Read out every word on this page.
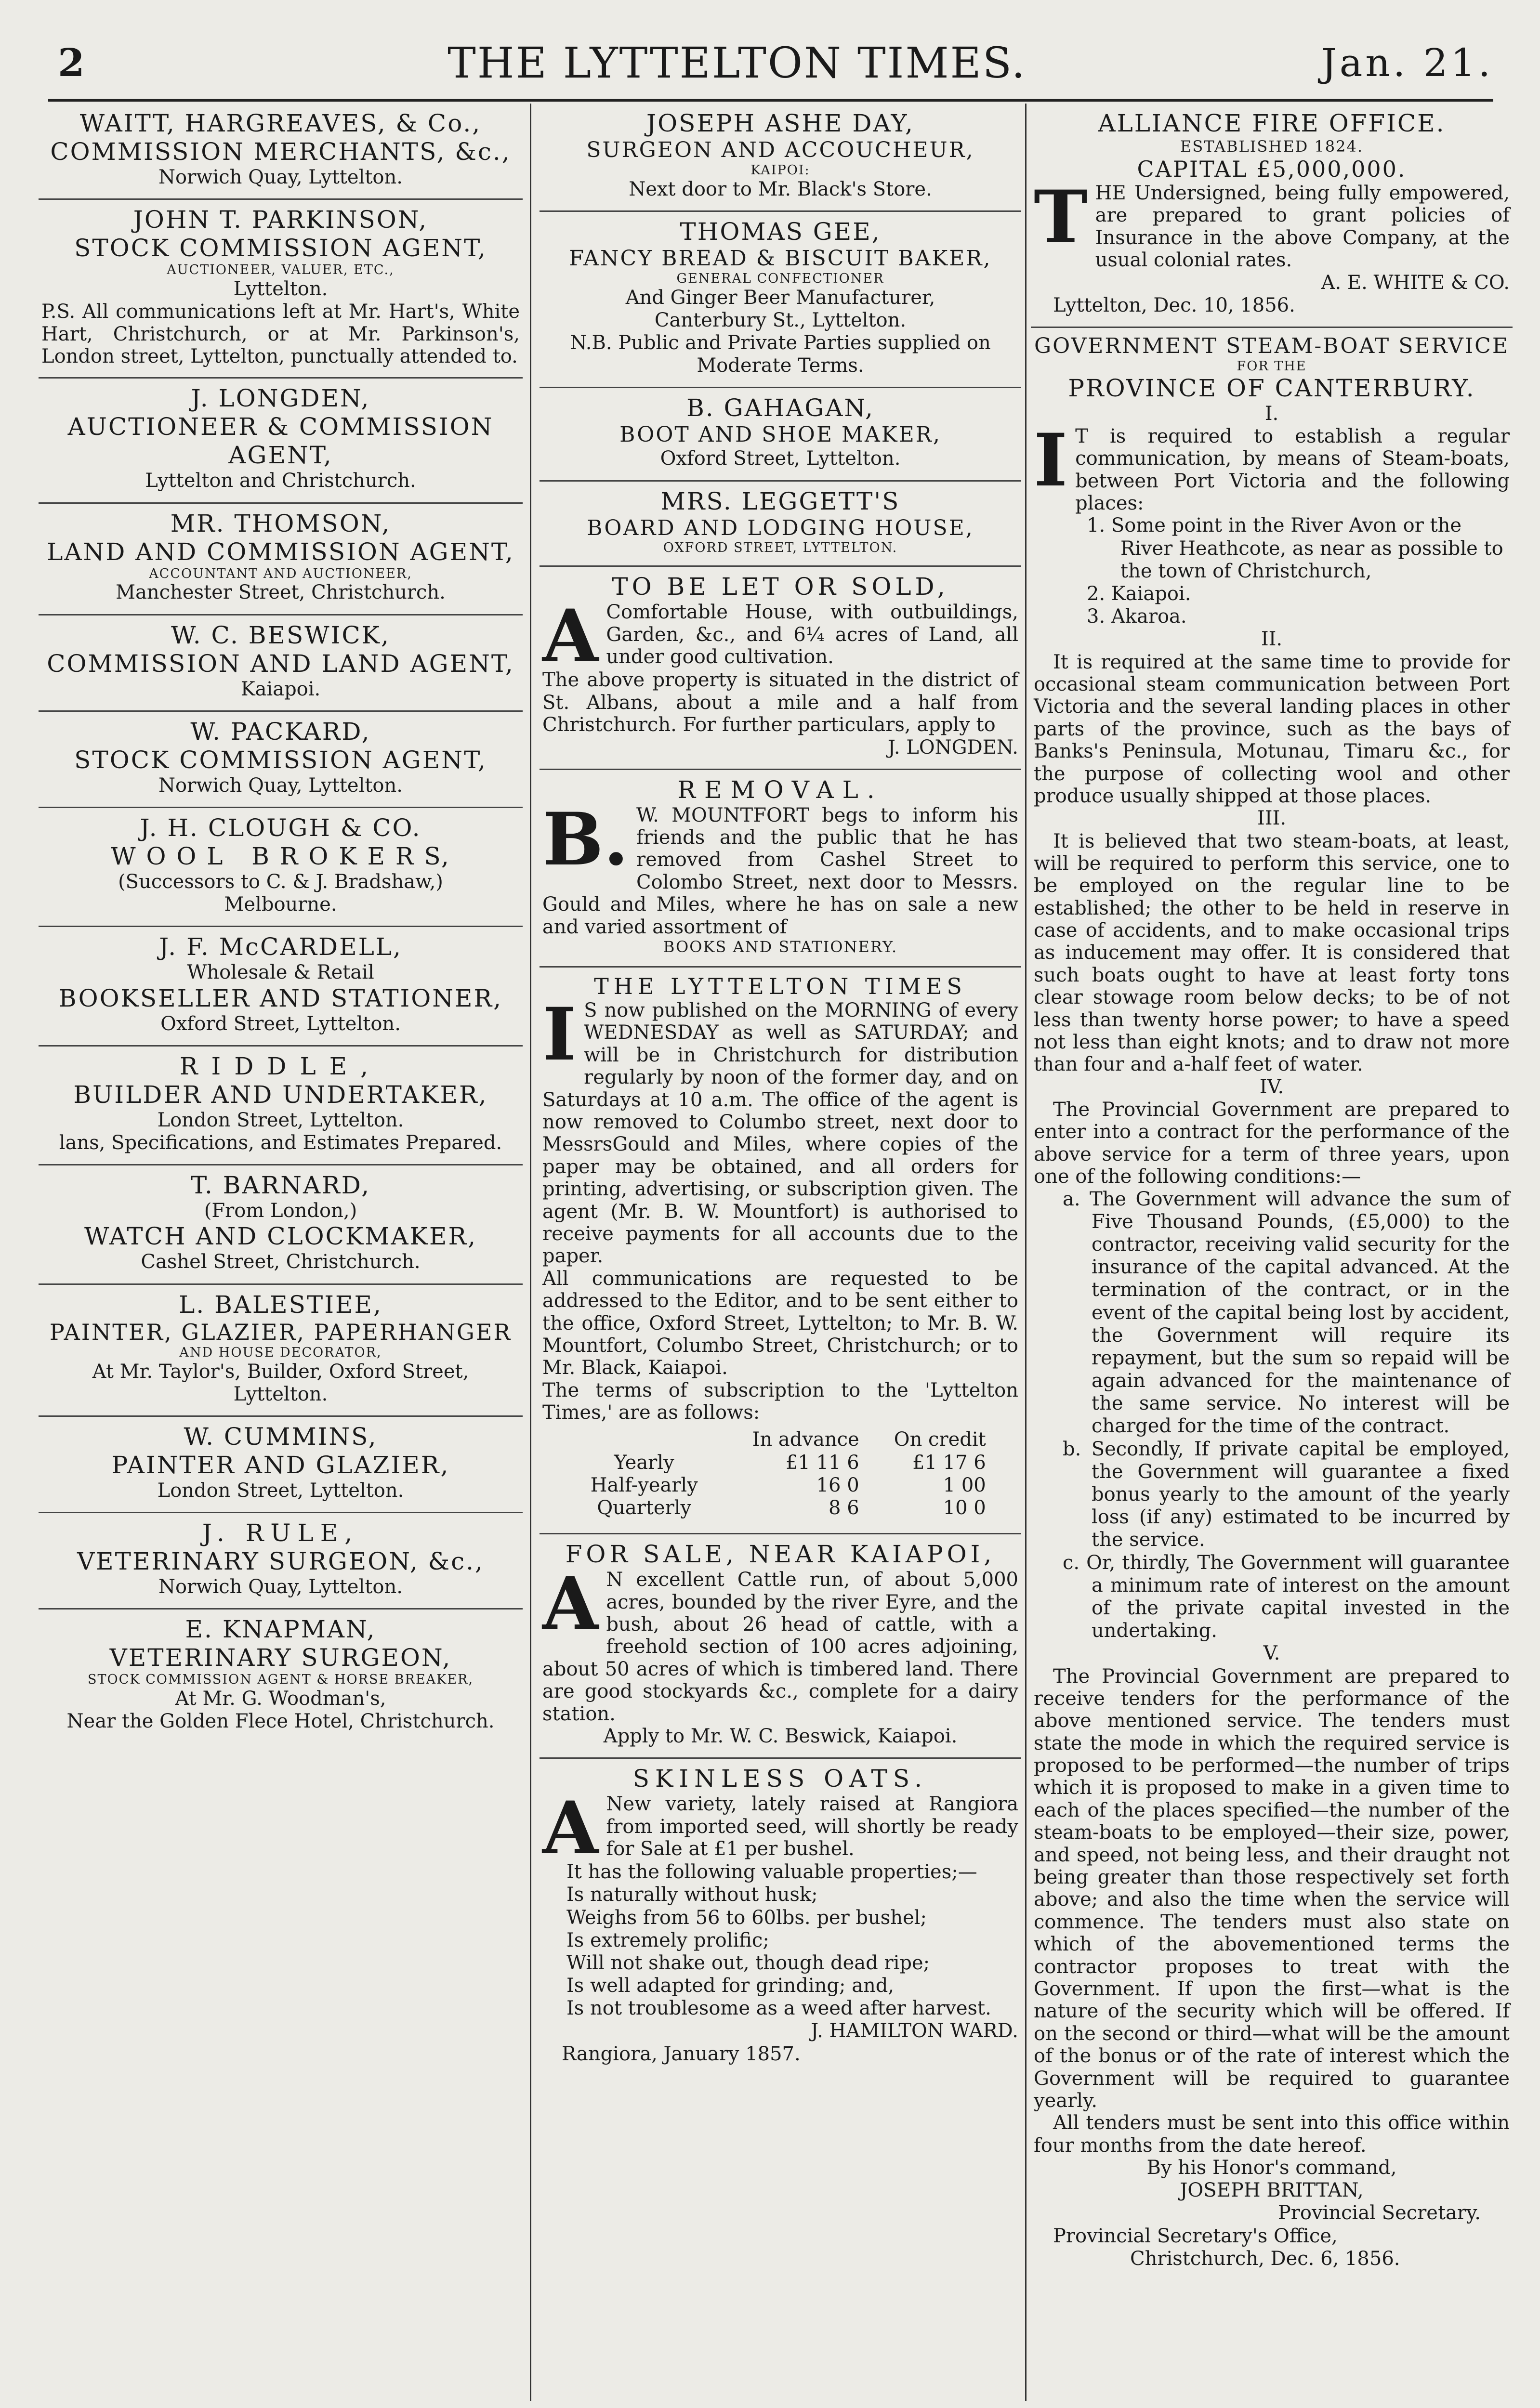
2	THE LYTTELTON TIMES.	Jan. 21.
WAITT, HARGREAVES, & Co.,
COMMISSION MERCHANTS, &c.,
Norwich Quay, Lyttelton.
JOHN T. PARKINSON,
STOCK COMMISSION AGENT,
AUCTIONEER, VALUER, ETC.,
Lyttelton.
P.S. All communications left at Mr. Hart's, White Hart, Christchurch, or at Mr. Parkinson's, London street, Lyttelton, punctually attended to.
J. LONGDEN,
AUCTIONEER & COMMISSION AGENT,
Lyttelton and Christchurch.
MR. THOMSON,
LAND AND COMMISSION AGENT,
ACCOUNTANT AND AUCTIONEER,
Manchester Street, Christchurch.
W. C. BESWICK,
COMMISSION AND LAND AGENT,
Kaiapoi.
W. PACKARD,
STOCK COMMISSION AGENT,
Norwich Quay, Lyttelton.
J. H. CLOUGH & CO.
W O O L   B R O K E R S,
(Successors to C. & J. Bradshaw,)
Melbourne.
J. F. McCARDELL,
Wholesale & Retail
BOOKSELLER AND STATIONER,
Oxford Street, Lyttelton.
RIDDLE,
BUILDER AND UNDERTAKER,
London Street, Lyttelton.
lans, Specifications, and Estimates Prepared.
T. BARNARD,
(From London,)
WATCH AND CLOCKMAKER,
Cashel Street, Christchurch.
L. BALESTIEE,
PAINTER, GLAZIER, PAPERHANGER
AND HOUSE DECORATOR,
At Mr. Taylor's, Builder, Oxford Street,
Lyttelton.
W. CUMMINS,
PAINTER AND GLAZIER,
London Street, Lyttelton.
J. RULE,
VETERINARY SURGEON, &c.,
Norwich Quay, Lyttelton.
E. KNAPMAN,
VETERINARY SURGEON,
STOCK COMMISSION AGENT & HORSE BREAKER,
At Mr. G. Woodman's,
Near the Golden Flece Hotel, Christchurch.
JOSEPH ASHE DAY,
SURGEON AND ACCOUCHEUR,
KAIPOI:
Next door to Mr. Black's Store.
THOMAS GEE,
FANCY BREAD & BISCUIT BAKER,
GENERAL CONFECTIONER
And Ginger Beer Manufacturer,
Canterbury St., Lyttelton.
N.B. Public and Private Parties supplied on Moderate Terms.
B. GAHAGAN,
BOOT AND SHOE MAKER,
Oxford Street, Lyttelton.
MRS. LEGGETT'S
BOARD AND LODGING HOUSE,
OXFORD STREET, LYTTELTON.
TO BE LET OR SOLD,
A Comfortable House, with outbuildings, Garden, &c., and 6¼ acres of Land, all under good cultivation.
The above property is situated in the district of St. Albans, about a mile and a half from Christchurch. For further particulars, apply to
J. LONGDEN.
REMOVAL.
B. W. MOUNTFORT begs to inform his friends and the public that he has removed from Cashel Street to Colombo Street, next door to Messrs. Gould and Miles, where he has on sale a new and varied assortment of
BOOKS AND STATIONERY.
THE LYTTELTON TIMES
I S now published on the MORNING of every WEDNESDAY as well as SATURDAY; and will be in Christchurch for distribution regularly by noon of the former day, and on Saturdays at 10 a.m. The office of the agent is now removed to Columbo street, next door to MessrsGould and Miles, where copies of the paper may be obtained, and all orders for printing, advertising, or subscription given. The agent (Mr. B. W. Mountfort) is authorised to receive payments for all accounts due to the paper.
All communications are requested to be addressed to the Editor, and to be sent either to the office, Oxford Street, Lyttelton; to Mr. B. W. Mountfort, Columbo Street, Christchurch; or to Mr. Black, Kaiapoi.
The terms of subscription to the 'Lyttelton Times,' are as follows:
	In advance	On credit
Yearly	£1 11 6	£1 17 6
Half-yearly	16 0	1 00
Quarterly	8 6	10 0
FOR SALE, NEAR KAIAPOI,
A N excellent Cattle run, of about 5,000 acres, bounded by the river Eyre, and the bush, about 26 head of cattle, with a freehold section of 100 acres adjoining, about 50 acres of which is timbered land. There are good stockyards &c., complete for a dairy station.
Apply to Mr. W. C. Beswick, Kaiapoi.
SKINLESS OATS.
A New variety, lately raised at Rangiora from imported seed, will shortly be ready for Sale at £1 per bushel.
It has the following valuable properties;—
Is naturally without husk;
Weighs from 56 to 60lbs. per bushel;
Is extremely prolific;
Will not shake out, though dead ripe;
Is well adapted for grinding; and,
Is not troublesome as a weed after harvest.
J. HAMILTON WARD.
Rangiora, January 1857.
ALLIANCE FIRE OFFICE.
ESTABLISHED 1824.
CAPITAL £5,000,000.
T HE Undersigned, being fully empowered, are prepared to grant policies of Insurance in the above Company, at the usual colonial rates.
A. E. WHITE & CO.
Lyttelton, Dec. 10, 1856.
GOVERNMENT STEAM-BOAT SERVICE
FOR THE
PROVINCE OF CANTERBURY.
I.
I T is required to establish a regular communication, by means of Steam-boats, between Port Victoria and the following places:
1. Some point in the River Avon or the River Heathcote, as near as possible to the town of Christchurch,
2. Kaiapoi.
3. Akaroa.
II.
It is required at the same time to provide for occasional steam communication between Port Victoria and the several landing places in other parts of the province, such as the bays of Banks's Peninsula, Motunau, Timaru &c., for the purpose of collecting wool and other produce usually shipped at those places.
III.
It is believed that two steam-boats, at least, will be required to perform this service, one to be employed on the regular line to be established; the other to be held in reserve in case of accidents, and to make occasional trips as inducement may offer. It is considered that such boats ought to have at least forty tons clear stowage room below decks; to be of not less than twenty horse power; to have a speed not less than eight knots; and to draw not more than four and a-half feet of water.
IV.
The Provincial Government are prepared to enter into a contract for the performance of the above service for a term of three years, upon one of the following conditions:—
a. The Government will advance the sum of Five Thousand Pounds, (£5,000) to the contractor, receiving valid security for the insurance of the capital advanced. At the termination of the contract, or in the event of the capital being lost by accident, the Government will require its repayment, but the sum so repaid will be again advanced for the maintenance of the same service. No interest will be charged for the time of the contract.
b. Secondly, If private capital be employed, the Government will guarantee a fixed bonus yearly to the amount of the yearly loss (if any) estimated to be incurred by the service.
c. Or, thirdly, The Government will guarantee a minimum rate of interest on the amount of the private capital invested in the undertaking.
V.
The Provincial Government are prepared to receive tenders for the performance of the above mentioned service. The tenders must state the mode in which the required service is proposed to be performed—the number of trips which it is proposed to make in a given time to each of the places specified—the number of the steam-boats to be employed—their size, power, and speed, not being less, and their draught not being greater than those respectively set forth above; and also the time when the service will commence. The tenders must also state on which of the abovementioned terms the contractor proposes to treat with the Government. If upon the first—what is the nature of the security which will be offered. If on the second or third—what will be the amount of the bonus or of the rate of interest which the Government will be required to guarantee yearly.
All tenders must be sent into this office within four months from the date hereof.
By his Honor's command,
JOSEPH BRITTAN,
Provincial Secretary.
Provincial Secretary's Office,
Christchurch, Dec. 6, 1856.
